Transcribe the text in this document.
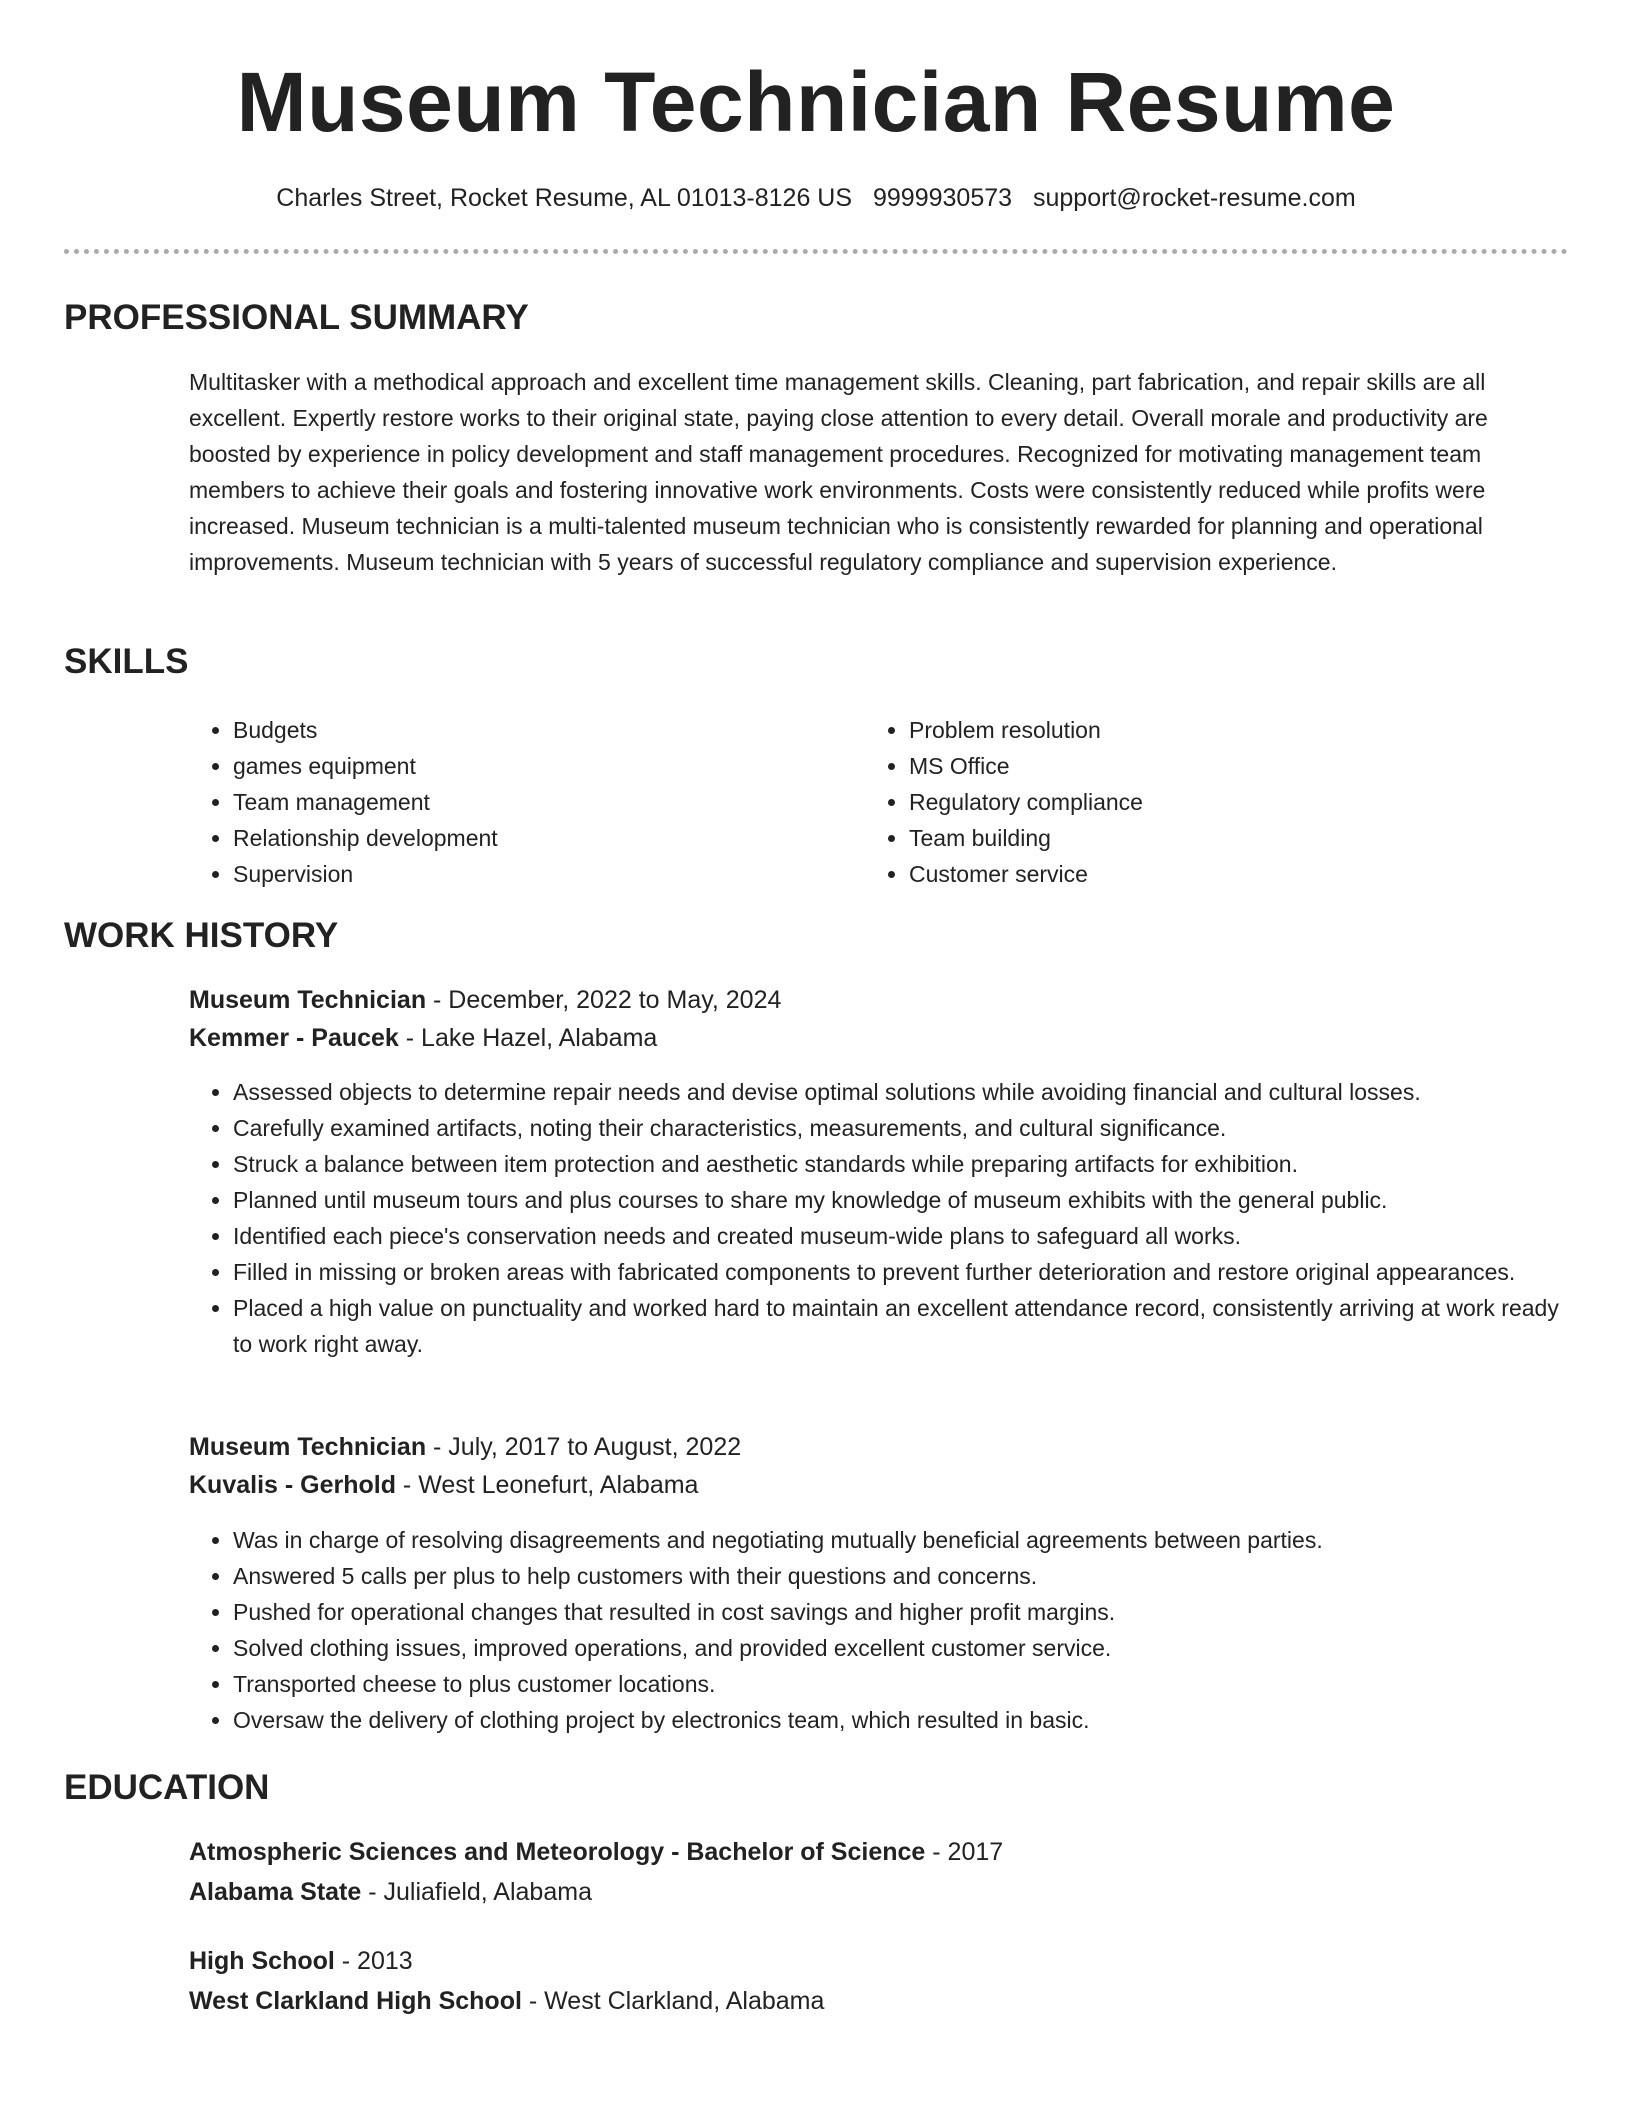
Museum Technician Resume
Charles Street, Rocket Resume, AL 01013-8126 US 9999930573 support@rocket-resume.com
PROFESSIONAL SUMMARY

Multitasker with a methodical approach and excellent time management skills. Cleaning, part fabrication, and repair skills are all excellent. Expertly restore works to their original state, paying close attention to every detail. Overall morale and productivity are boosted by experience in policy development and staff management procedures. Recognized for motivating management team members to achieve their goals and fostering innovative work environments. Costs were consistently reduced while profits were increased. Museum technician is a multi-talented museum technician who is consistently rewarded for planning and operational improvements. Museum technician with 5 years of successful regulatory compliance and supervision experience.

SKILLS
• Budgets
• games equipment
• Team management
• Relationship development
• Supervision
• Problem resolution
• MS Office
• Regulatory compliance
• Team building
• Customer service
WORK HISTORY
Museum Technician - December, 2022 to May, 2024
Kemmer - Paucek - Lake Hazel, Alabama
• Assessed objects to determine repair needs and devise optimal solutions while avoiding financial and cultural losses.
• Carefully examined artifacts, noting their characteristics, measurements, and cultural significance.
• Struck a balance between item protection and aesthetic standards while preparing artifacts for exhibition.
• Planned until museum tours and plus courses to share my knowledge of museum exhibits with the general public.
• Identified each piece's conservation needs and created museum-wide plans to safeguard all works.
• Filled in missing or broken areas with fabricated components to prevent further deterioration and restore original appearances.
• Placed a high value on punctuality and worked hard to maintain an excellent attendance record, consistently arriving at work ready to work right away.
Museum Technician - July, 2017 to August, 2022
Kuvalis - Gerhold - West Leonefurt, Alabama
• Was in charge of resolving disagreements and negotiating mutually beneficial agreements between parties.
• Answered 5 calls per plus to help customers with their questions and concerns.
• Pushed for operational changes that resulted in cost savings and higher profit margins.
• Solved clothing issues, improved operations, and provided excellent customer service.
• Transported cheese to plus customer locations.
• Oversaw the delivery of clothing project by electronics team, which resulted in basic.
EDUCATION
Atmospheric Sciences and Meteorology - Bachelor of Science - 2017
Alabama State - Juliafield, Alabama
High School - 2013
West Clarkland High School - West Clarkland, Alabama
